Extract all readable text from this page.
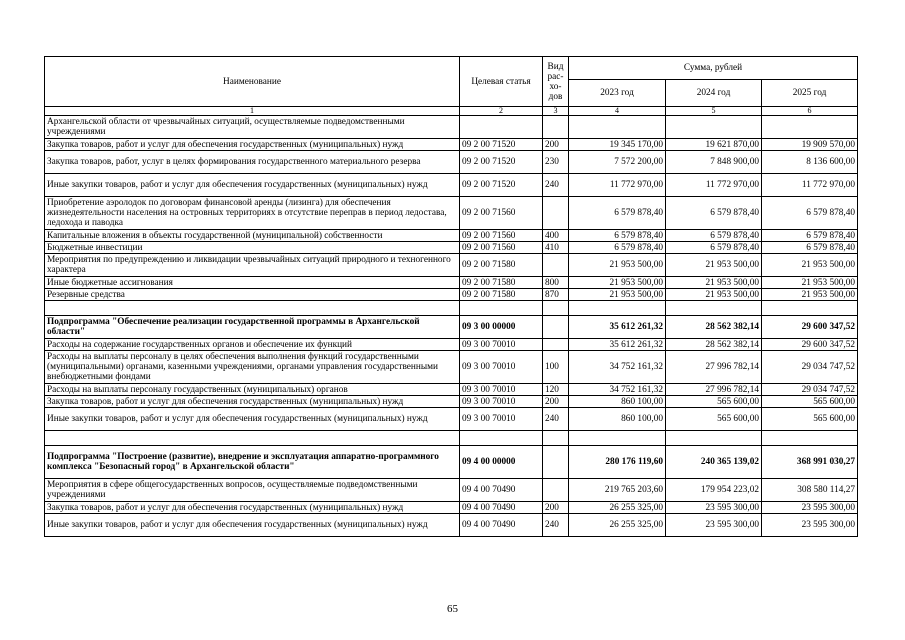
Наименование	Целевая статья	Вид рас-хо-дов	Сумма, рублей		
			2023 год	2024 год	2025 год
1	2	3	4	5	6
Архангельской области от чрезвычайных ситуаций, осуществляемые подведомственными учреждениями					
Закупка товаров, работ и услуг для обеспечения государственных (муниципальных) нужд	09 2 00 71520	200	19 345 170,00	19 621 870,00	19 909 570,00
Закупка товаров, работ, услуг в целях формирования государственного материального резерва	09 2 00 71520	230	7 572 200,00	7 848 900,00	8 136 600,00
Иные закупки товаров, работ и услуг для обеспечения государственных (муниципальных) нужд	09 2 00 71520	240	11 772 970,00	11 772 970,00	11 772 970,00
Приобретение аэролодок по договорам финансовой аренды (лизинга) для обеспечения жизнедеятельности населения на островных территориях в отсутствие переправ в период ледостава, ледохода и паводка	09 2 00 71560		6 579 878,40	6 579 878,40	6 579 878,40
Капитальные вложения в объекты государственной (муниципальной) собственности	09 2 00 71560	400	6 579 878,40	6 579 878,40	6 579 878,40
Бюджетные инвестиции	09 2 00 71560	410	6 579 878,40	6 579 878,40	6 579 878,40
Мероприятия по предупреждению и ликвидации чрезвычайных ситуаций природного и техногенного характера	09 2 00 71580		21 953 500,00	21 953 500,00	21 953 500,00
Иные бюджетные ассигнования	09 2 00 71580	800	21 953 500,00	21 953 500,00	21 953 500,00
Резервные средства	09 2 00 71580	870	21 953 500,00	21 953 500,00	21 953 500,00

Подпрограмма "Обеспечение реализации государственной программы в Архангельской области"	09 3 00 00000		35 612 261,32	28 562 382,14	29 600 347,52
Расходы на содержание государственных органов и обеспечение их функций	09 3 00 70010		35 612 261,32	28 562 382,14	29 600 347,52
Расходы на выплаты персоналу в целях обеспечения выполнения функций государственными (муниципальными) органами, казенными учреждениями, органами управления государственными внебюджетными фондами	09 3 00 70010	100	34 752 161,32	27 996 782,14	29 034 747,52
Расходы на выплаты персоналу государственных (муниципальных) органов	09 3 00 70010	120	34 752 161,32	27 996 782,14	29 034 747,52
Закупка товаров, работ и услуг для обеспечения государственных (муниципальных) нужд	09 3 00 70010	200	860 100,00	565 600,00	565 600,00
Иные закупки товаров, работ и услуг для обеспечения государственных (муниципальных) нужд	09 3 00 70010	240	860 100,00	565 600,00	565 600,00

Подпрограмма "Построение (развитие), внедрение и эксплуатация аппаратно-программного комплекса "Безопасный город" в Архангельской области"	09 4 00 00000		280 176 119,60	240 365 139,02	368 991 030,27
Мероприятия в сфере общегосударственных вопросов, осуществляемые подведомственными учреждениями	09 4 00 70490		219 765 203,60	179 954 223,02	308 580 114,27
Закупка товаров, работ и услуг для обеспечения государственных (муниципальных) нужд	09 4 00 70490	200	26 255 325,00	23 595 300,00	23 595 300,00
Иные закупки товаров, работ и услуг для обеспечения государственных (муниципальных) нужд	09 4 00 70490	240	26 255 325,00	23 595 300,00	23 595 300,00
65
